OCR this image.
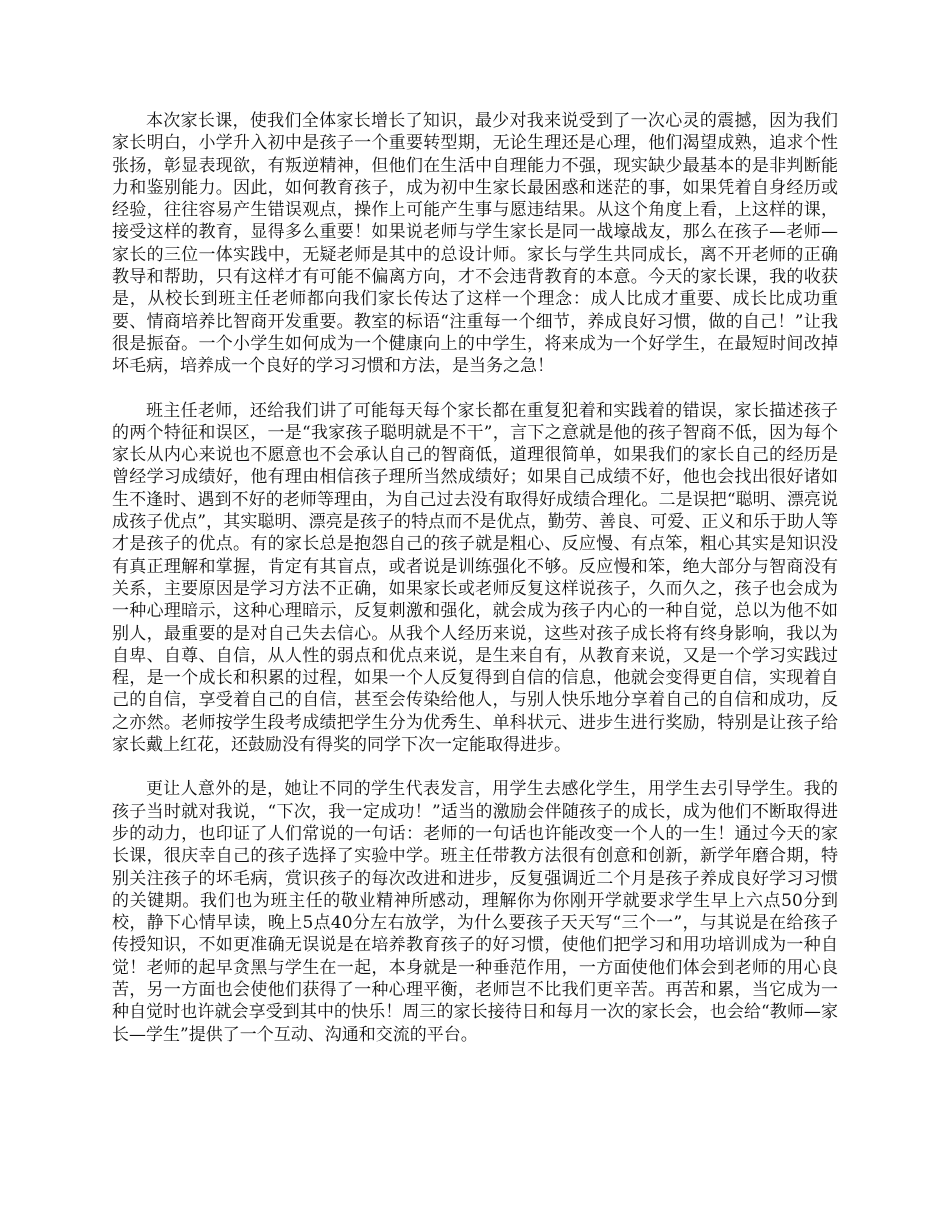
本次家长课，使我们全体家长增长了知识，最少对我来说受到了一次心灵的震撼，因为我们家长明白，小学升入初中是孩子一个重要转型期，无论生理还是心理，他们渴望成熟，追求个性张扬，彰显表现欲，有叛逆精神，但他们在生活中自理能力不强，现实缺少最基本的是非判断能力和鉴别能力。因此，如何教育孩子，成为初中生家长最困惑和迷茫的事，如果凭着自身经历或经验，往往容易产生错误观点，操作上可能产生事与愿违结果。从这个角度上看，上这样的课，接受这样的教育，显得多么重要！如果说老师与学生家长是同一战壕战友，那么在孩子—老师—家长的三位一体实践中，无疑老师是其中的总设计师。家长与学生共同成长，离不开老师的正确教导和帮助，只有这样才有可能不偏离方向，才不会违背教育的本意。今天的家长课，我的收获是，从校长到班主任老师都向我们家长传达了这样一个理念：成人比成才重要、成长比成功重要、情商培养比智商开发重要。教室的标语“注重每一个细节，养成良好习惯，做的自己！”让我很是振奋。一个小学生如何成为一个健康向上的中学生，将来成为一个好学生，在最短时间改掉坏毛病，培养成一个良好的学习习惯和方法，是当务之急！

班主任老师，还给我们讲了可能每天每个家长都在重复犯着和实践着的错误，家长描述孩子的两个特征和误区，一是“我家孩子聪明就是不干”，言下之意就是他的孩子智商不低，因为每个家长从内心来说也不愿意也不会承认自己的智商低，道理很简单，如果我们的家长自己的经历是曾经学习成绩好，他有理由相信孩子理所当然成绩好；如果自己成绩不好，他也会找出很好诸如生不逢时、遇到不好的老师等理由，为自己过去没有取得好成绩合理化。二是误把“聪明、漂亮说成孩子优点”，其实聪明、漂亮是孩子的特点而不是优点，勤劳、善良、可爱、正义和乐于助人等才是孩子的优点。有的家长总是抱怨自己的孩子就是粗心、反应慢、有点笨，粗心其实是知识没有真正理解和掌握，肯定有其盲点，或者说是训练强化不够。反应慢和笨，绝大部分与智商没有关系，主要原因是学习方法不正确，如果家长或老师反复这样说孩子，久而久之，孩子也会成为一种心理暗示，这种心理暗示，反复刺激和强化，就会成为孩子内心的一种自觉，总以为他不如别人，最重要的是对自己失去信心。从我个人经历来说，这些对孩子成长将有终身影响，我以为自卑、自尊、自信，从人性的弱点和优点来说，是生来自有，从教育来说，又是一个学习实践过程，是一个成长和积累的过程，如果一个人反复得到自信的信息，他就会变得更自信，实现着自己的自信，享受着自己的自信，甚至会传染给他人，与别人快乐地分享着自己的自信和成功，反之亦然。老师按学生段考成绩把学生分为优秀生、单科状元、进步生进行奖励，特别是让孩子给家长戴上红花，还鼓励没有得奖的同学下次一定能取得进步。

更让人意外的是，她让不同的学生代表发言，用学生去感化学生，用学生去引导学生。我的孩子当时就对我说，“下次，我一定成功！”适当的激励会伴随孩子的成长，成为他们不断取得进步的动力，也印证了人们常说的一句话：老师的一句话也许能改变一个人的一生！通过今天的家长课，很庆幸自己的孩子选择了实验中学。班主任带教方法很有创意和创新，新学年磨合期，特别关注孩子的坏毛病，赏识孩子的每次改进和进步，反复强调近二个月是孩子养成良好学习习惯的关键期。我们也为班主任的敬业精神所感动，理解你为你刚开学就要求学生早上六点50分到校，静下心情早读，晚上5点40分左右放学，为什么要孩子天天写“三个一”，与其说是在给孩子传授知识，不如更准确无误说是在培养教育孩子的好习惯，使他们把学习和用功培训成为一种自觉！老师的起早贪黑与学生在一起，本身就是一种垂范作用，一方面使他们体会到老师的用心良苦，另一方面也会使他们获得了一种心理平衡，老师岂不比我们更辛苦。再苦和累，当它成为一种自觉时也许就会享受到其中的快乐！周三的家长接待日和每月一次的家长会，也会给“教师—家长—学生”提供了一个互动、沟通和交流的平台。
